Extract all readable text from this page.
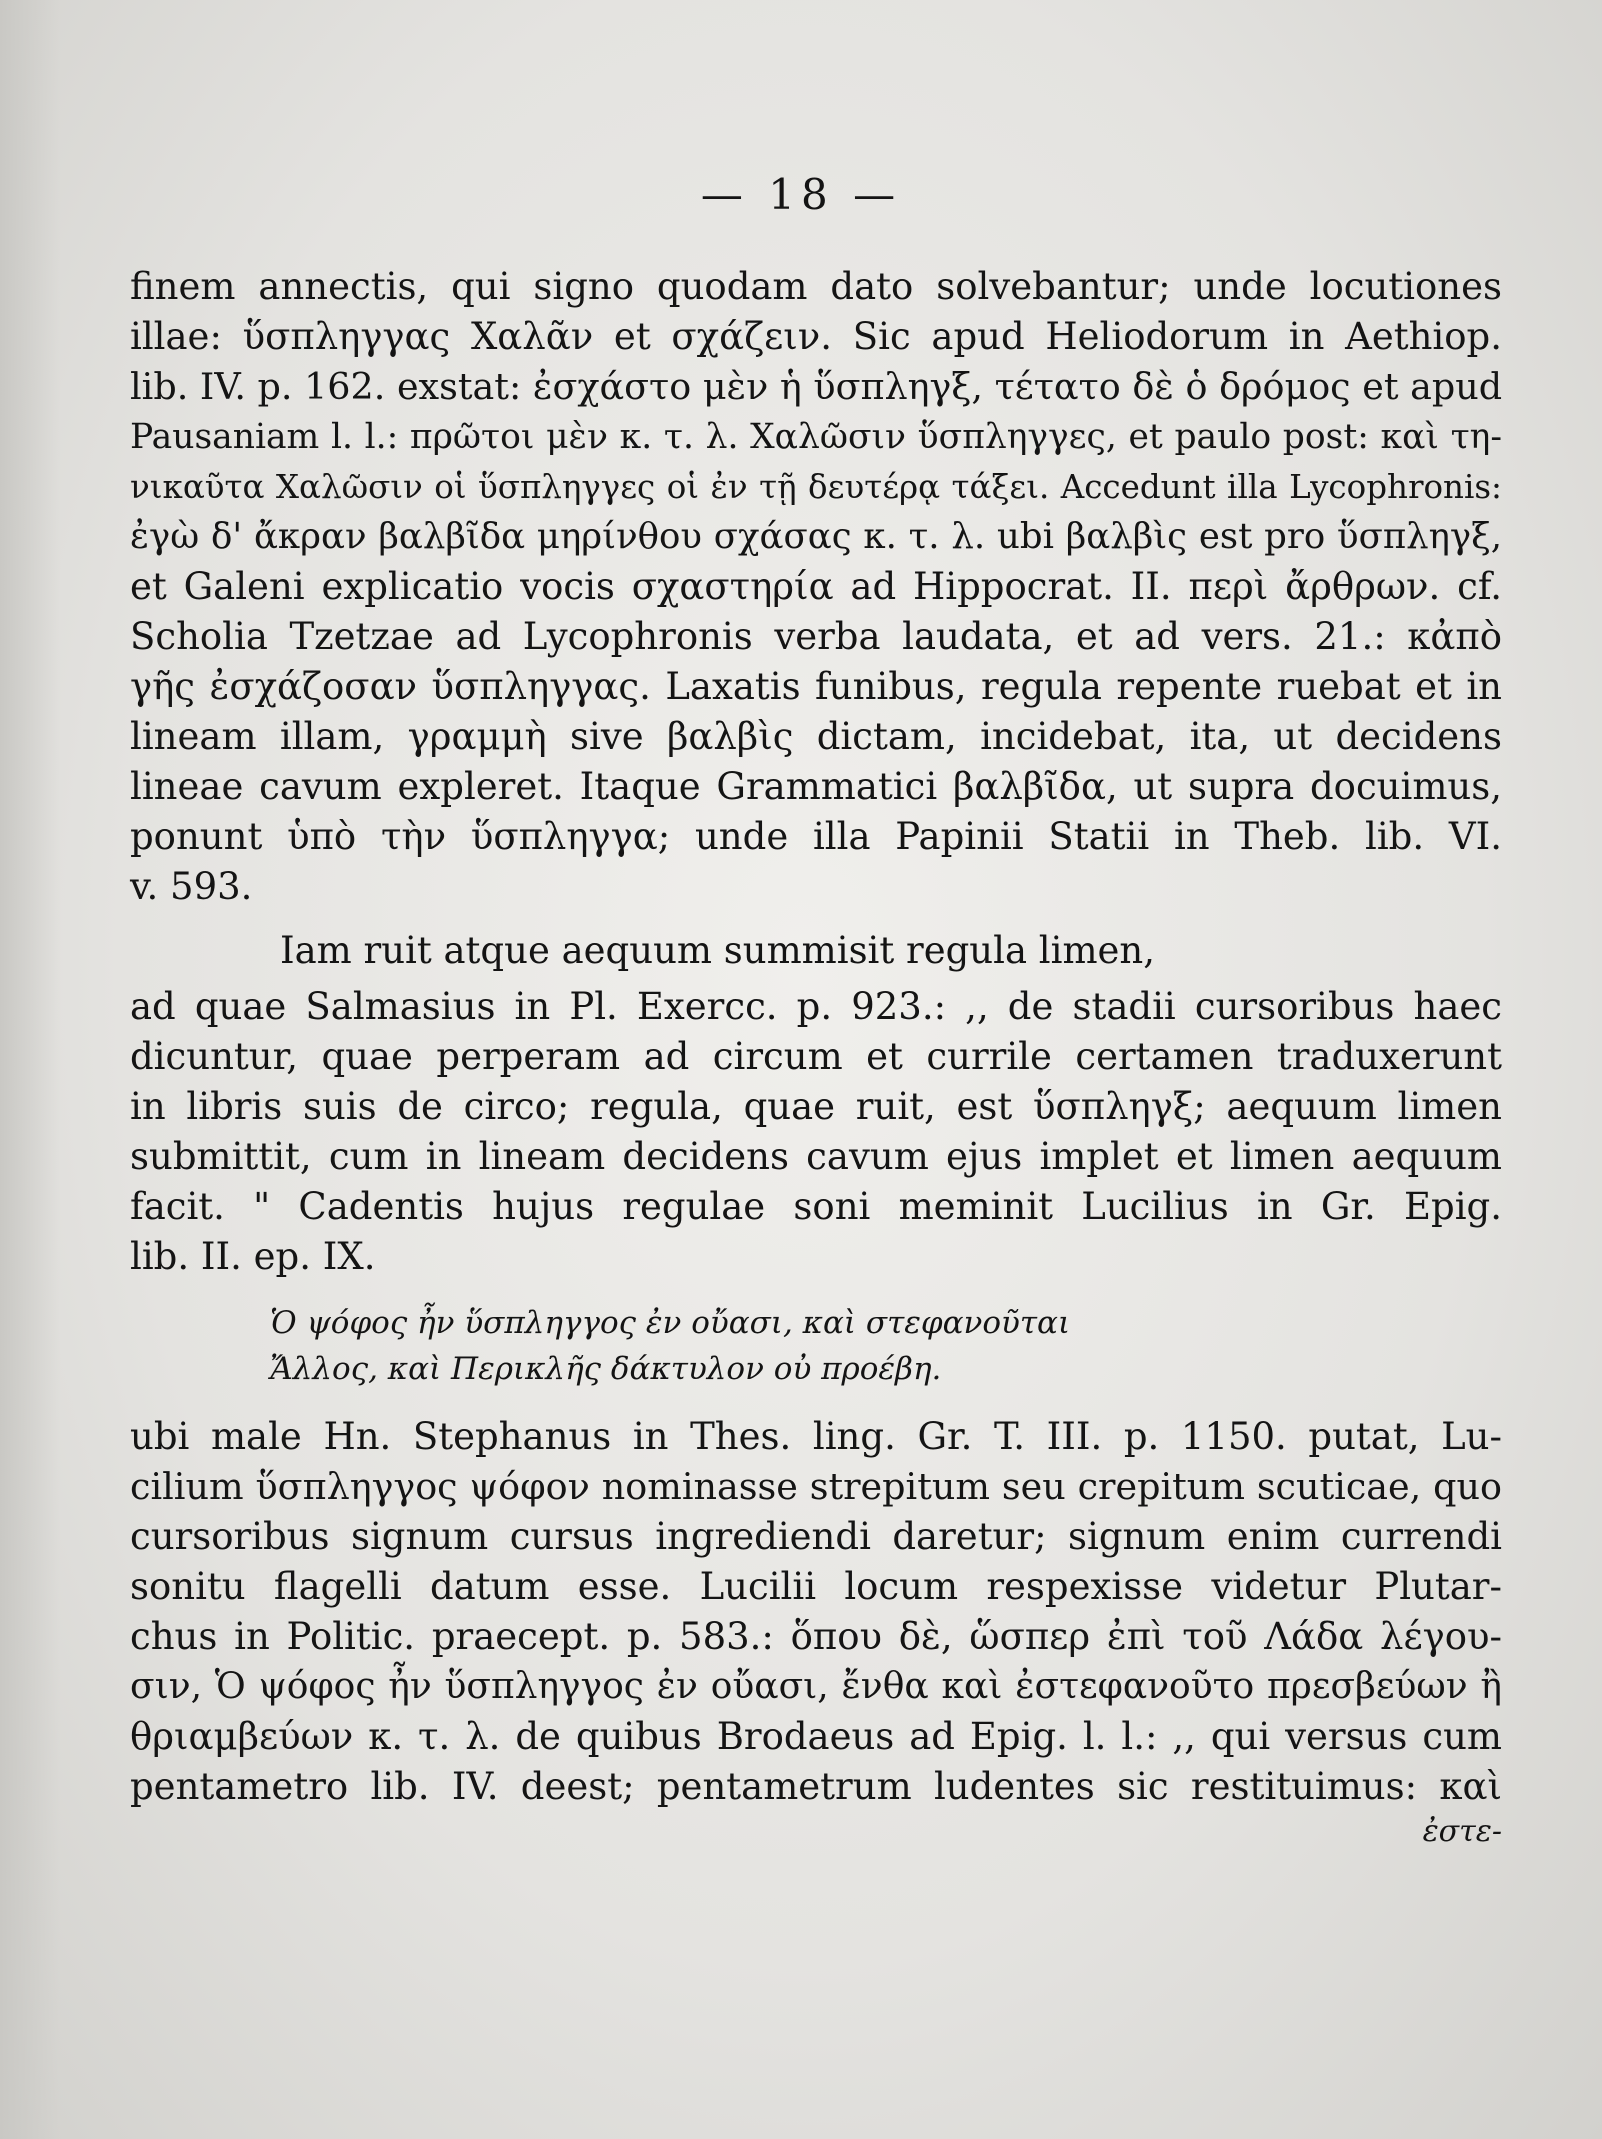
— 18 —
finem annectis, qui signo quodam dato solvebantur; unde locutiones
illae: ὕσπληγγας Χαλᾶν et σχάζειν. Sic apud Heliodorum in Aethiop.
lib. IV. p. 162. exstat: ἐσχάστο μὲν ἡ ὕσπληγξ, τέτατο δὲ ὁ δρόμος et apud
Pausaniam l. l.: πρῶτοι μὲν κ. τ. λ. Χαλῶσιν ὕσπληγγες, et paulo post: καὶ τη-
νικαῦτα Χαλῶσιν οἱ ὕσπληγγες οἱ ἐν τῇ δευτέρᾳ τάξει. Accedunt illa Lycophronis:
ἐγὼ δ' ἄκραν βαλβῖδα μηρίνθου σχάσας κ. τ. λ. ubi βαλβὶς est pro ὕσπληγξ,
et Galeni explicatio vocis σχαστηρία ad Hippocrat. II. περὶ ἄρθρων. cf.
Scholia Tzetzae ad Lycophronis verba laudata, et ad vers. 21.: κἀπὸ
γῆς ἐσχάζοσαν ὕσπληγγας. Laxatis funibus, regula repente ruebat et in
lineam illam, γραμμὴ sive βαλβὶς dictam, incidebat, ita, ut decidens
lineae cavum expleret. Itaque Grammatici βαλβῖδα, ut supra docuimus,
ponunt ὑπὸ τὴν ὕσπληγγα; unde illa Papinii Statii in Theb. lib. VI.
v. 593.
Iam ruit atque aequum summisit regula limen,
ad quae Salmasius in Pl. Exercc. p. 923.: ,, de stadii cursoribus haec
dicuntur, quae perperam ad circum et currile certamen traduxerunt
in libris suis de circo; regula, quae ruit, est ὕσπληγξ; aequum limen
submittit, cum in lineam decidens cavum ejus implet et limen aequum
facit. " Cadentis hujus regulae soni meminit Lucilius in Gr. Epig.
lib. II. ep. IX.
Ὁ ψόφος ἦν ὕσπληγγος ἐν οὔασι, καὶ στεφανοῦται
Ἄλλος, καὶ Περικλῆς δάκτυλον οὐ προέβη.
ubi male Hn. Stephanus in Thes. ling. Gr. T. III. p. 1150. putat, Lu-
cilium ὕσπληγγος ψόφον nominasse strepitum seu crepitum scuticae, quo
cursoribus signum cursus ingrediendi daretur; signum enim currendi
sonitu flagelli datum esse. Lucilii locum respexisse videtur Plutar-
chus in Politic. praecept. p. 583.: ὅπου δὲ, ὥσπερ ἐπὶ τοῦ Λάδα λέγου-
σιν, Ὁ ψόφος ἦν ὕσπληγγος ἐν οὔασι, ἔνθα καὶ ἐστεφανοῦτο πρεσβεύων ἢ
θριαμβεύων κ. τ. λ. de quibus Brodaeus ad Epig. l. l.: ,, qui versus cum
pentametro lib. IV. deest; pentametrum ludentes sic restituimus: καὶ
ἐστε-
